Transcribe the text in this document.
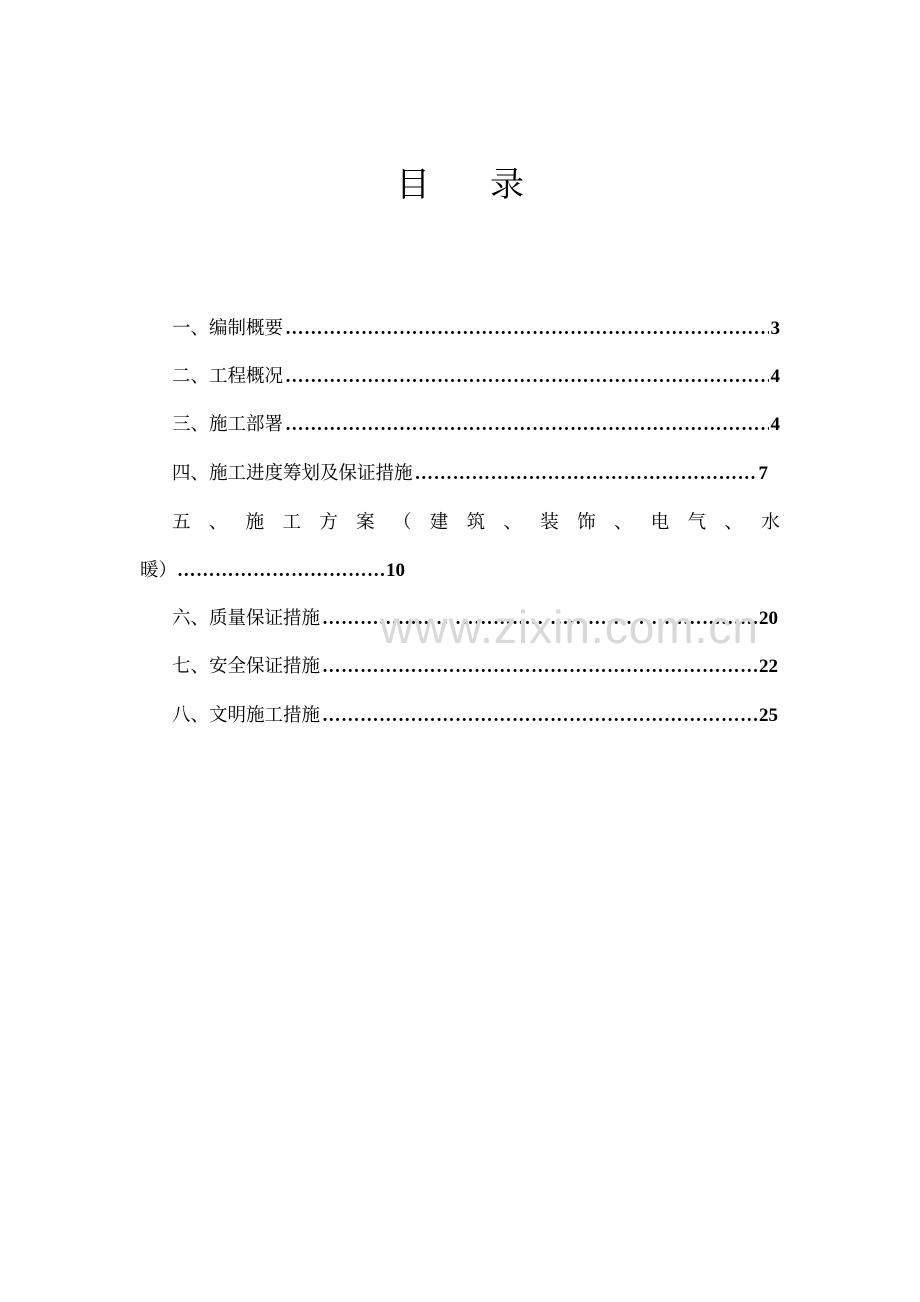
目 录
一、编制概要 ……………………………………………………………………………………………………………………………………	3
二、工程概况 ……………………………………………………………………………………………………………………………………	4
三、施工部署 ……………………………………………………………………………………………………………………………………	4
四、施工进度筹划及保证措施 ……………………………………………………………………………………………………………………………………	7
五 、 施 工 方 案 （ 建 筑 、 装 饰 、 电 气 、 水
暖） …………………………… 10
六、质量保证措施 ……………………………………………………………………………………………………………………………………	20
七、安全保证措施 ……………………………………………………………………………………………………………………………………	22
八、文明施工措施 ……………………………………………………………………………………………………………………………………	25
www.zixin.com.cn
